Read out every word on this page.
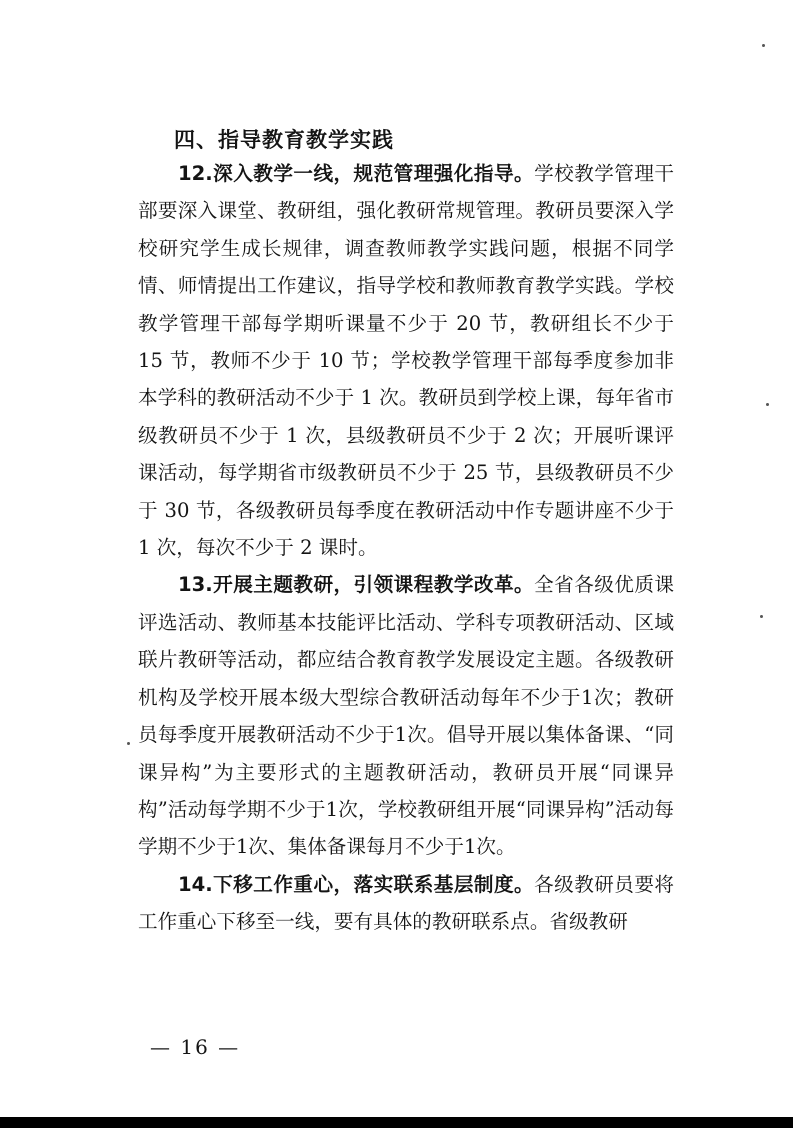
四、指导教育教学实践

12.深入教学一线，规范管理强化指导。学校教学管理干部要深入课堂、教研组，强化教研常规管理。教研员要深入学校研究学生成长规律，调查教师教学实践问题，根据不同学情、师情提出工作建议，指导学校和教师教育教学实践。学校教学管理干部每学期听课量不少于 20 节，教研组长不少于 15 节，教师不少于 10 节；学校教学管理干部每季度参加非本学科的教研活动不少于 1 次。教研员到学校上课，每年省市级教研员不少于 1 次，县级教研员不少于 2 次；开展听课评课活动，每学期省市级教研员不少于 25 节，县级教研员不少于 30 节，各级教研员每季度在教研活动中作专题讲座不少于 1 次，每次不少于 2 课时。

13.开展主题教研，引领课程教学改革。全省各级优质课评选活动、教师基本技能评比活动、学科专项教研活动、区域联片教研等活动，都应结合教育教学发展设定主题。各级教研机构及学校开展本级大型综合教研活动每年不少于1次；教研员每季度开展教研活动不少于1次。倡导开展以集体备课、“同课异构”为主要形式的主题教研活动，教研员开展“同课异构”活动每学期不少于1次，学校教研组开展“同课异构”活动每学期不少于1次、集体备课每月不少于1次。

14.下移工作重心，落实联系基层制度。各级教研员要将工作重心下移至一线，要有具体的教研联系点。省级教研

— 16 —
